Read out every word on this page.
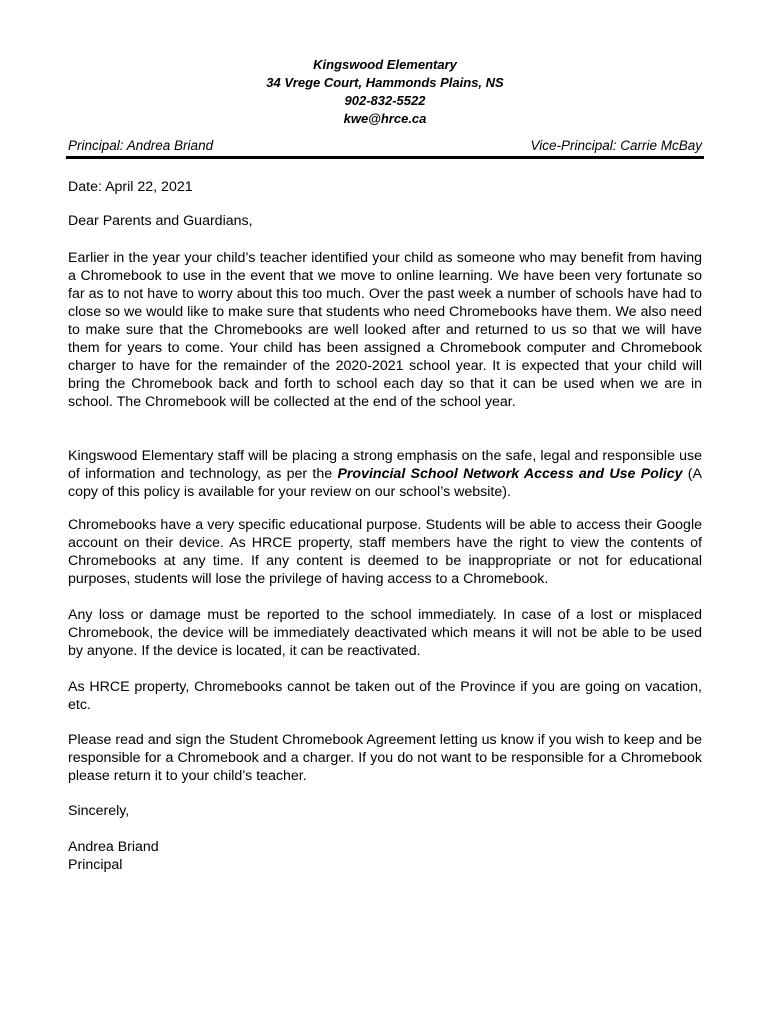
Kingswood Elementary
34 Vrege Court, Hammonds Plains, NS
902-832-5522
kwe@hrce.ca
Principal: Andrea Briand	Vice-Principal: Carrie McBay

Date: April 22, 2021

Dear Parents and Guardians,

Earlier in the year your child’s teacher identified your child as someone who may benefit from having a Chromebook to use in the event that we move to online learning. We have been very fortunate so far as to not have to worry about this too much. Over the past week a number of schools have had to close so we would like to make sure that students who need Chromebooks have them. We also need to make sure that the Chromebooks are well looked after and returned to us so that we will have them for years to come. Your child has been assigned a Chromebook computer and Chromebook charger to have for the remainder of the 2020-2021 school year. It is expected that your child will bring the Chromebook back and forth to school each day so that it can be used when we are in school. The Chromebook will be collected at the end of the school year.

Kingswood Elementary staff will be placing a strong emphasis on the safe, legal and responsible use of information and technology, as per the Provincial School Network Access and Use Policy (A copy of this policy is available for your review on our school’s website).

Chromebooks have a very specific educational purpose. Students will be able to access their Google account on their device. As HRCE property, staff members have the right to view the contents of Chromebooks at any time. If any content is deemed to be inappropriate or not for educational purposes, students will lose the privilege of having access to a Chromebook.

Any loss or damage must be reported to the school immediately. In case of a lost or misplaced Chromebook, the device will be immediately deactivated which means it will not be able to be used by anyone. If the device is located, it can be reactivated.

As HRCE property, Chromebooks cannot be taken out of the Province if you are going on vacation, etc.

Please read and sign the Student Chromebook Agreement letting us know if you wish to keep and be responsible for a Chromebook and a charger. If you do not want to be responsible for a Chromebook please return it to your child’s teacher.

Sincerely,

Andrea Briand

Principal
